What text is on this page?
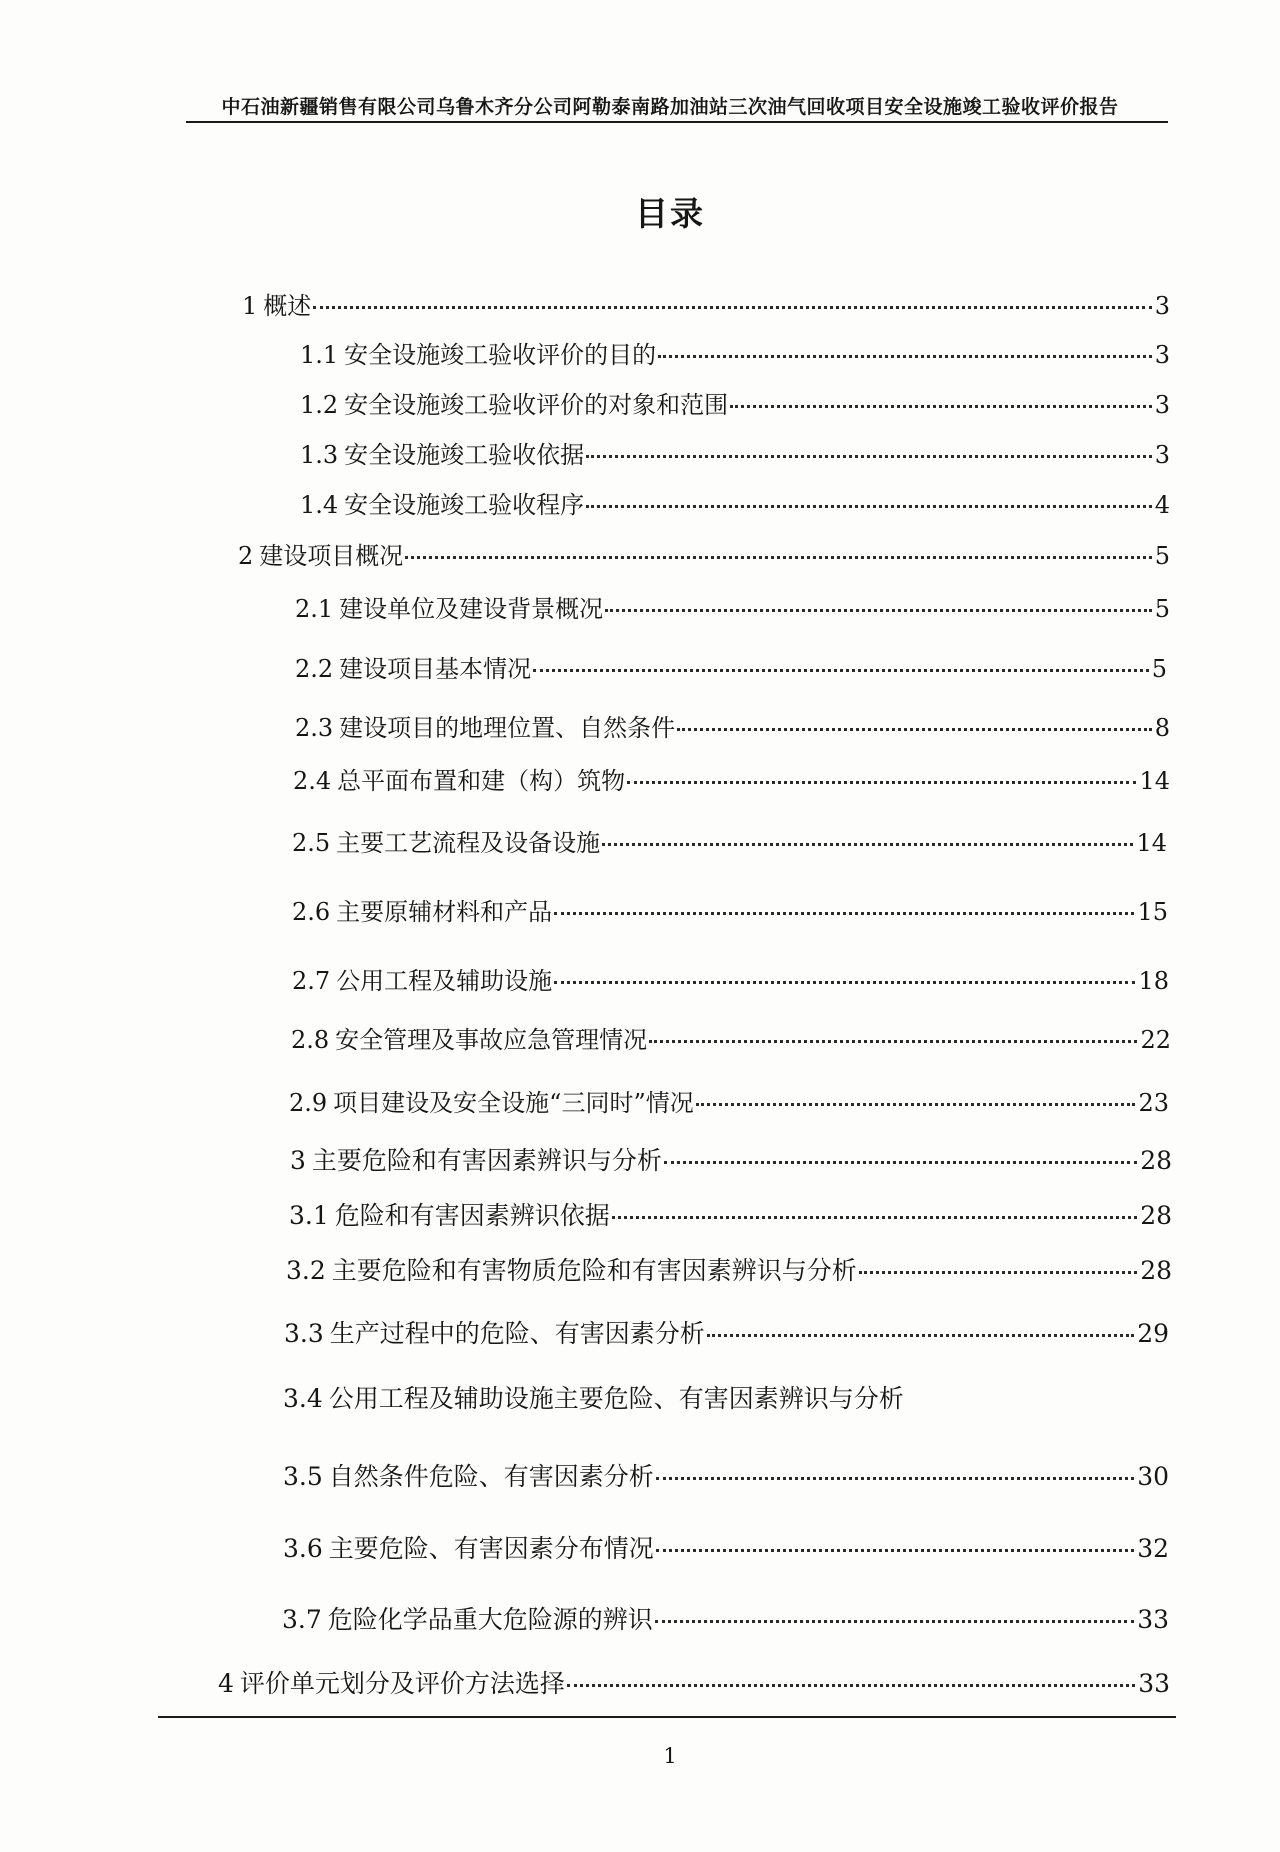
中石油新疆销售有限公司乌鲁木齐分公司阿勒泰南路加油站三次油气回收项目安全设施竣工验收评价报告
目录
1 概述	3
1.1 安全设施竣工验收评价的目的	3
1.2 安全设施竣工验收评价的对象和范围	3
1.3 安全设施竣工验收依据	3
1.4 安全设施竣工验收程序	4
2 建设项目概况	5
2.1 建设单位及建设背景概况	5
2.2 建设项目基本情况	5
2.3 建设项目的地理位置、自然条件	8
2.4 总平面布置和建（构）筑物	14
2.5 主要工艺流程及设备设施	14
2.6 主要原辅材料和产品	15
2.7 公用工程及辅助设施	18
2.8 安全管理及事故应急管理情况	22
2.9 项目建设及安全设施“三同时”情况	23
3 主要危险和有害因素辨识与分析	28
3.1 危险和有害因素辨识依据	28
3.2 主要危险和有害物质危险和有害因素辨识与分析	28
3.3 生产过程中的危险、有害因素分析	29
3.4 公用工程及辅助设施主要危险、有害因素辨识与分析
3.5 自然条件危险、有害因素分析	30
3.6 主要危险、有害因素分布情况	32
3.7 危险化学品重大危险源的辨识	33
4 评价单元划分及评价方法选择	33
1
